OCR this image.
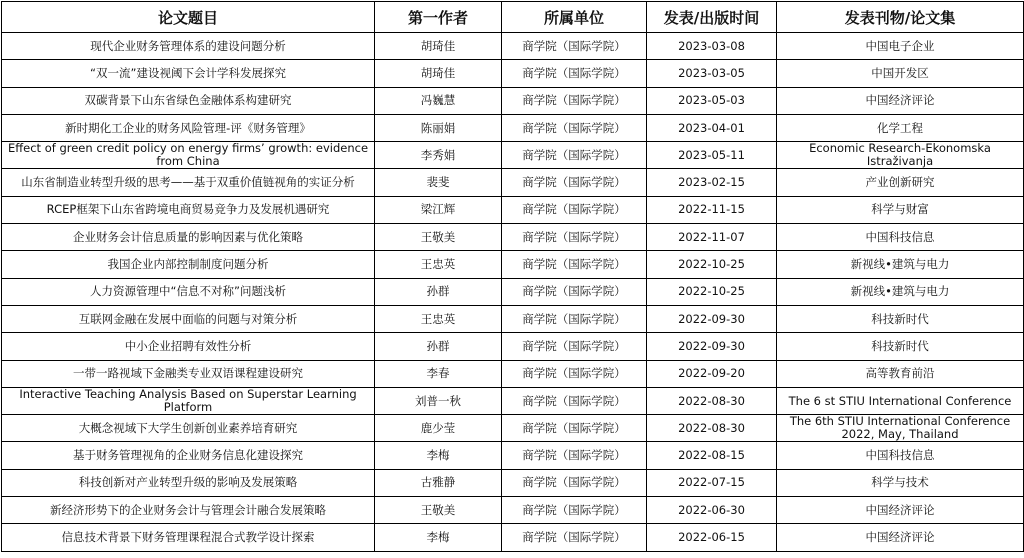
论文题目	第一作者	所属单位	发表/出版时间	发表刊物/论文集
现代企业财务管理体系的建设问题分析	胡琦佳	商学院（国际学院）	2023-03-08	中国电子企业
“双一流”建设视阈下会计学科发展探究	胡琦佳	商学院（国际学院）	2023-03-05	中国开发区
双碳背景下山东省绿色金融体系构建研究	冯巍慧	商学院（国际学院）	2023-05-03	中国经济评论
新时期化工企业的财务风险管理-评《财务管理》	陈丽娟	商学院（国际学院）	2023-04-01	化学工程
Effect of green credit policy on energy firms’ growth: evidence from China	李秀娟	商学院（国际学院）	2023-05-11	Economic Research-Ekonomska Istraživanja
山东省制造业转型升级的思考——基于双重价值链视角的实证分析	裴斐	商学院（国际学院）	2023-02-15	产业创新研究
RCEP框架下山东省跨境电商贸易竞争力及发展机遇研究	梁江辉	商学院（国际学院）	2022-11-15	科学与财富
企业财务会计信息质量的影响因素与优化策略	王敬美	商学院（国际学院）	2022-11-07	中国科技信息
我国企业内部控制制度问题分析	王忠英	商学院（国际学院）	2022-10-25	新视线•建筑与电力
人力资源管理中“信息不对称”问题浅析	孙群	商学院（国际学院）	2022-10-25	新视线•建筑与电力
互联网金融在发展中面临的问题与对策分析	王忠英	商学院（国际学院）	2022-09-30	科技新时代
中小企业招聘有效性分析	孙群	商学院（国际学院）	2022-09-30	科技新时代
一带一路视域下金融类专业双语课程建设研究	李春	商学院（国际学院）	2022-09-20	高等教育前沿
Interactive Teaching Analysis Based on Superstar Learning Platform	刘普一秋	商学院（国际学院）	2022-08-30	The 6 st STIU International Conference
大概念视域下大学生创新创业素养培育研究	鹿少莹	商学院（国际学院）	2022-08-30	The 6th STIU International Conference 2022, May, Thailand
基于财务管理视角的企业财务信息化建设探究	李梅	商学院（国际学院）	2022-08-15	中国科技信息
科技创新对产业转型升级的影响及发展策略	古雅静	商学院（国际学院）	2022-07-15	科学与技术
新经济形势下的企业财务会计与管理会计融合发展策略	王敬美	商学院（国际学院）	2022-06-30	中国经济评论
信息技术背景下财务管理课程混合式教学设计探索	李梅	商学院（国际学院）	2022-06-15	中国经济评论
